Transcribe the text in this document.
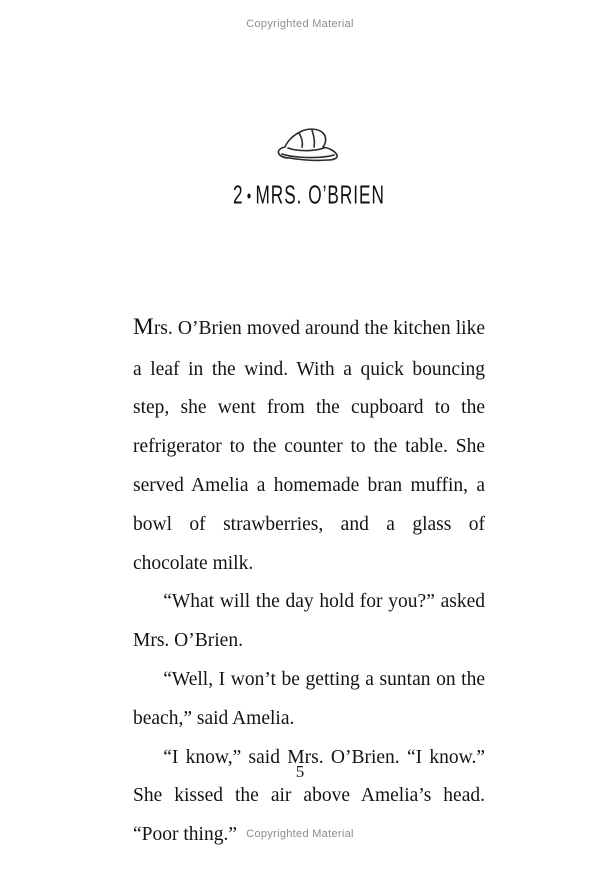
Copyrighted Material
2 • MRS. O’BRIEN

Mrs. O’Brien moved around the kitchen like a leaf in the wind. With a quick bouncing step, she went from the cupboard to the refrigerator to the counter to the table. She served Amelia a homemade bran muffin, a bowl of strawberries, and a glass of chocolate milk.

“What will the day hold for you?” asked Mrs. O’Brien.

“Well, I won’t be getting a suntan on the beach,” said Amelia.

“I know,” said Mrs. O’Brien. “I know.” She kissed the air above Amelia’s head. “Poor thing.”

5
Copyrighted Material
